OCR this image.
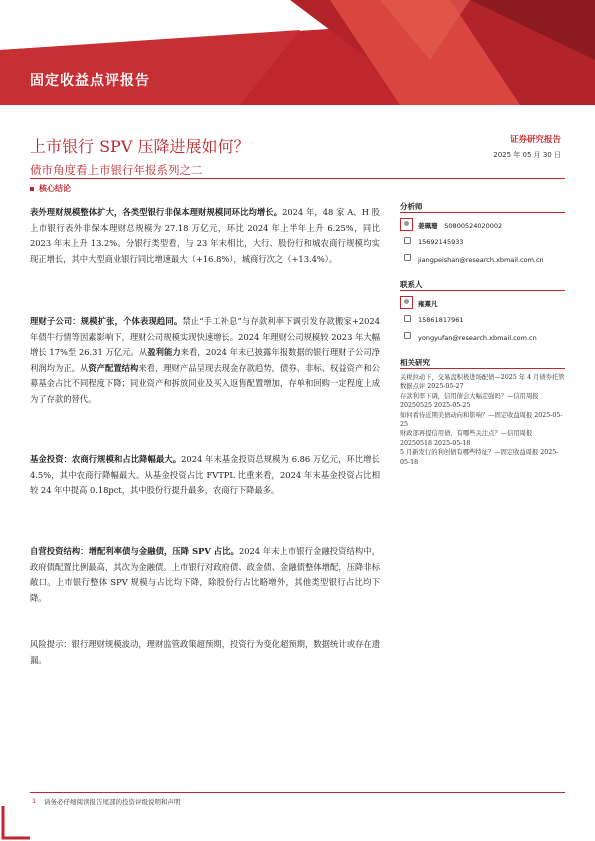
固定收益点评报告
上市银行 SPV 压降进展如何？
债市角度看上市银行年报系列之二
证券研究报告
2025 年 05 月 30 日
核心结论
表外理财规模整体扩大，各类型银行非保本理财规模同环比均增长。2024 年，48 家 A、H 股上市银行表外非保本理财总规模为 27.18 万亿元，环比 2024 年上半年上升 6.25%，同比 2023 年末上升 13.2%。分银行类型看，与 23 年末相比，大行、股份行和城农商行规模均实现正增长，其中大型商业银行同比增速最大（+16.8%），城商行次之（+13.4%）。
理财子公司：规模扩张，个体表现趋同。禁止“手工补息”与存款利率下调引发存款搬家+2024 年债牛行情等因素影响下，理财公司规模实现快速增长。2024 年理财公司规模较 2023 年大幅增长 17%至 26.31 万亿元。从盈利能力来看，2024 年末已披露年报数据的银行理财子公司净利润均为正。从资产配置结构来看，理财产品呈现去现金存款趋势，债券、非标、权益资产和公募基金占比不同程度下降；同业资产和拆放同业及买入返售配置增加，存单和回购一定程度上成为了存款的替代。
基金投资：农商行规模和占比降幅最大。2024 年末基金投资总规模为 6.86 万亿元，环比增长 4.5%，其中农商行降幅最大。从基金投资占比 FVTPL 比重来看，2024 年末基金投资占比相较 24 年中提高 0.18pct，其中股份行提升最多，农商行下降最多。
自营投资结构：增配利率债与金融债，压降 SPV 占比。2024 年末上市银行金融投资结构中，政府债配置比例最高，其次为金融债。上市银行对政府债、政金债、金融债整体增配，压降非标敞口。上市银行整体 SPV 规模与占比均下降，除股份行占比略增外，其他类型银行占比均下降。
风险提示：银行理财规模波动，理财监管政策超预期，投资行为变化超预期，数据统计或存在遗漏。
分析师
姜珮珊 S0800524020002
15692145933
jiangpeishan@research.xbmail.com.cn
联系人
雍熹凡
15861817961
yongyufan@research.xbmail.com.cn
相关研究
关税拉动下，交易盘积极进场配债—2025 年 4 月债券托管数据点评 2025-05-27
存款利率下调，信用债会大幅走强吗？—信用周报 20250525 2025-05-25
如何看待近期美债动向和影响？—固定收益周报 2025-05-25
财政部再提信用债，有哪些关注点？—信用周报 20250518 2025-05-18
5 月新发行的利创债有哪些特征？—固定收益周报 2025-05-18
1 请务必仔细阅读报告尾部的投资评级说明和声明
